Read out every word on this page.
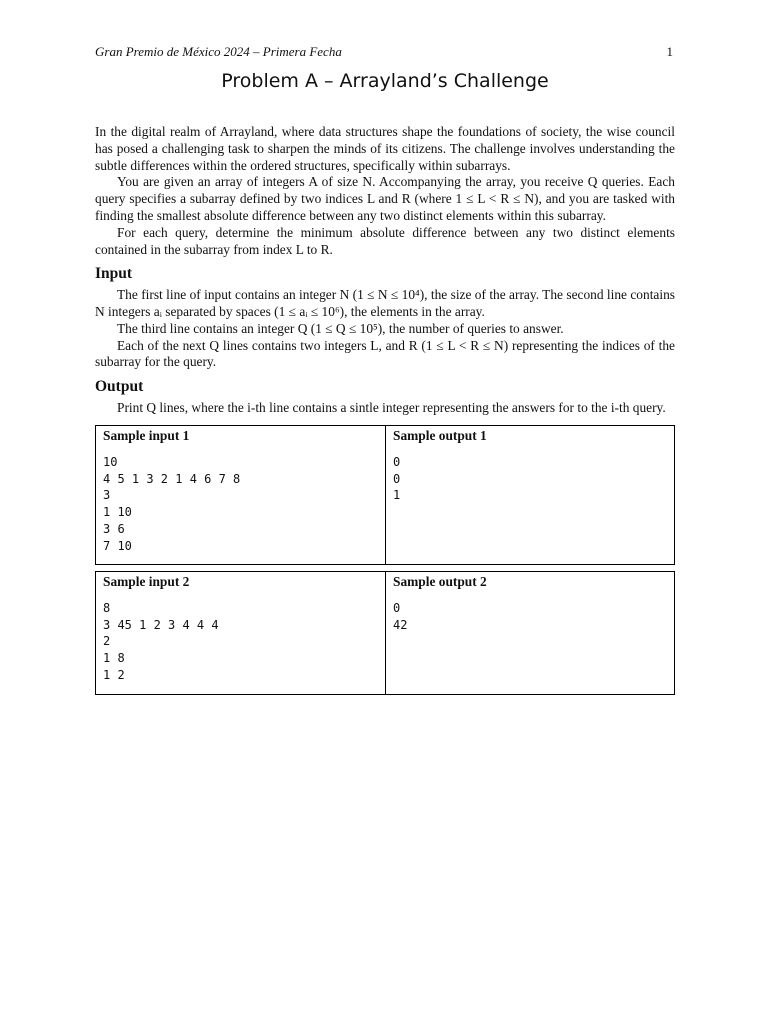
Gran Premio de México 2024 – Primera Fecha	1
Problem A – Arrayland’s Challenge

In the digital realm of Arrayland, where data structures shape the foundations of society, the wise council has posed a challenging task to sharpen the minds of its citizens. The challenge involves understanding the subtle differences within the ordered structures, specifically within subarrays.

You are given an array of integers A of size N. Accompanying the array, you receive Q queries. Each query specifies a subarray defined by two indices L and R (where 1 ≤ L < R ≤ N), and you are tasked with finding the smallest absolute difference between any two distinct elements within this subarray.

For each query, determine the minimum absolute difference between any two distinct elements contained in the subarray from index L to R.

Input

The first line of input contains an integer N (1 ≤ N ≤ 10⁴), the size of the array. The second line contains N integers aᵢ separated by spaces (1 ≤ aᵢ ≤ 10⁶), the elements in the array.

The third line contains an integer Q (1 ≤ Q ≤ 10⁵), the number of queries to answer.

Each of the next Q lines contains two integers L, and R (1 ≤ L < R ≤ N) representing the indices of the subarray for the query.

Output

Print Q lines, where the i-th line contains a sintle integer representing the answers for to the i-th query.

Sample input 1
10
4 5 1 3 2 1 4 6 7 8
3
1 10
3 6
7 10
Sample output 1
0
0
1
Sample input 2
8
3 45 1 2 3 4 4 4
2
1 8
1 2
Sample output 2
0
42
